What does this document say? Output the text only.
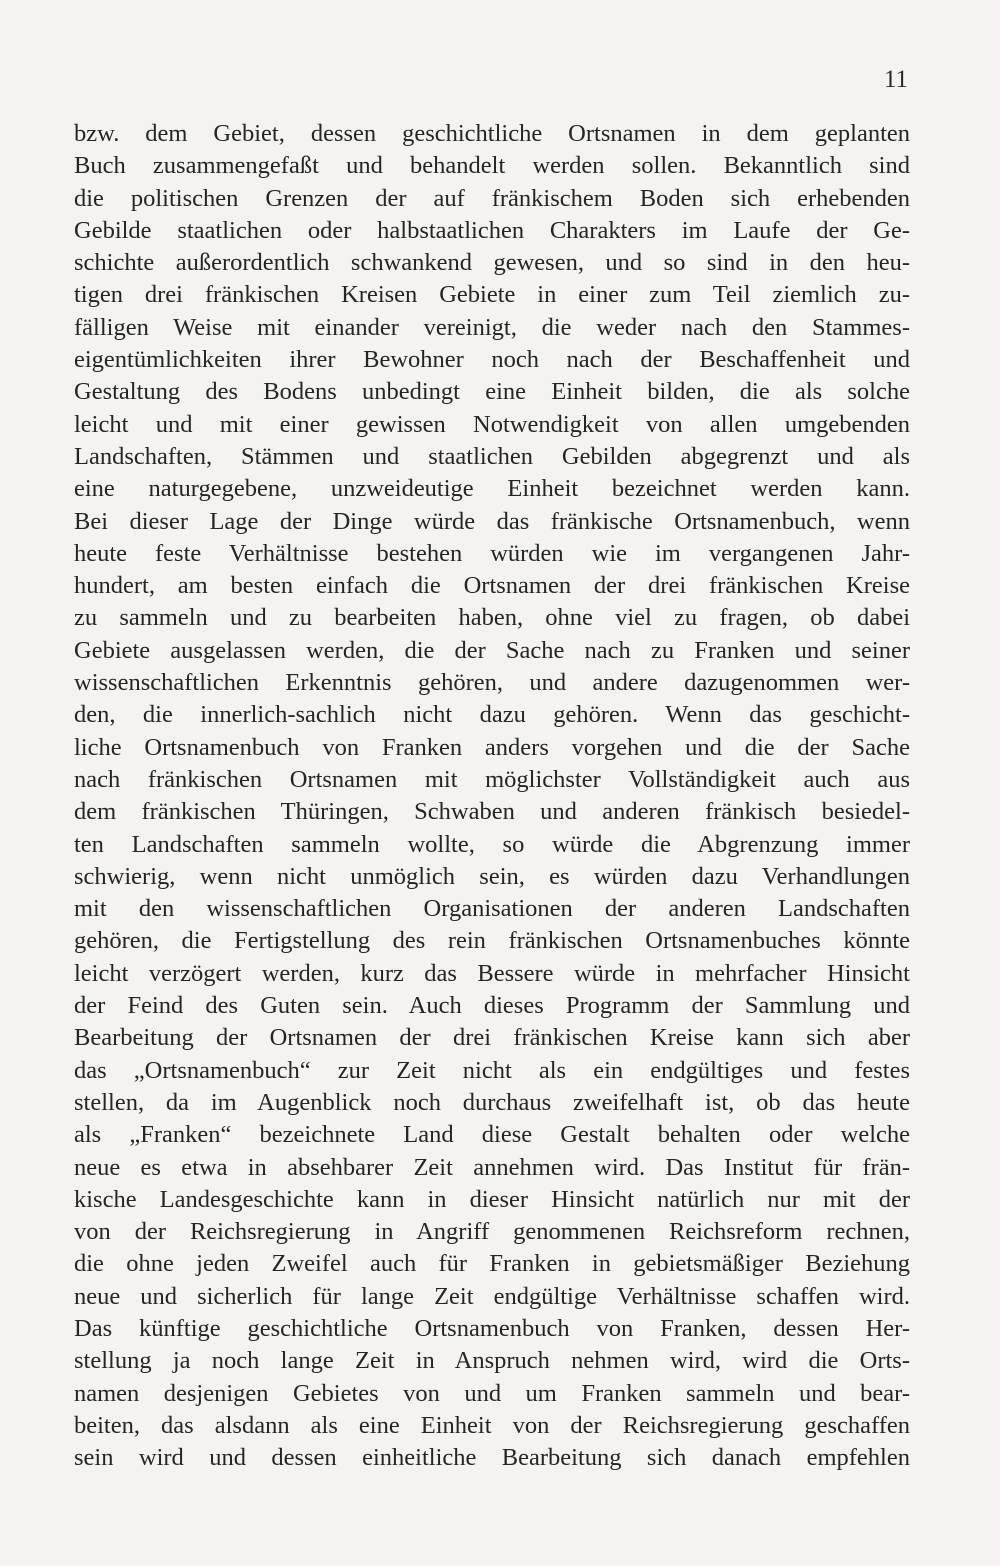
11
bzw. dem Gebiet, dessen geschichtliche Ortsnamen in dem geplanten
Buch zusammengefaßt und behandelt werden sollen. Bekanntlich sind
die politischen Grenzen der auf fränkischem Boden sich erhebenden
Gebilde staatlichen oder halbstaatlichen Charakters im Laufe der Ge-
schichte außerordentlich schwankend gewesen, und so sind in den heu-
tigen drei fränkischen Kreisen Gebiete in einer zum Teil ziemlich zu-
fälligen Weise mit einander vereinigt, die weder nach den Stammes-
eigentümlichkeiten ihrer Bewohner noch nach der Beschaffenheit und
Gestaltung des Bodens unbedingt eine Einheit bilden, die als solche
leicht und mit einer gewissen Notwendigkeit von allen umgebenden
Landschaften, Stämmen und staatlichen Gebilden abgegrenzt und als
eine naturgegebene, unzweideutige Einheit bezeichnet werden kann.
Bei dieser Lage der Dinge würde das fränkische Ortsnamenbuch, wenn
heute feste Verhältnisse bestehen würden wie im vergangenen Jahr-
hundert, am besten einfach die Ortsnamen der drei fränkischen Kreise
zu sammeln und zu bearbeiten haben, ohne viel zu fragen, ob dabei
Gebiete ausgelassen werden, die der Sache nach zu Franken und seiner
wissenschaftlichen Erkenntnis gehören, und andere dazugenommen wer-
den, die innerlich-sachlich nicht dazu gehören. Wenn das geschicht-
liche Ortsnamenbuch von Franken anders vorgehen und die der Sache
nach fränkischen Ortsnamen mit möglichster Vollständigkeit auch aus
dem fränkischen Thüringen, Schwaben und anderen fränkisch besiedel-
ten Landschaften sammeln wollte, so würde die Abgrenzung immer
schwierig, wenn nicht unmöglich sein, es würden dazu Verhandlungen
mit den wissenschaftlichen Organisationen der anderen Landschaften
gehören, die Fertigstellung des rein fränkischen Ortsnamenbuches könnte
leicht verzögert werden, kurz das Bessere würde in mehrfacher Hinsicht
der Feind des Guten sein. Auch dieses Programm der Sammlung und
Bearbeitung der Ortsnamen der drei fränkischen Kreise kann sich aber
das „Ortsnamenbuch“ zur Zeit nicht als ein endgültiges und festes
stellen, da im Augenblick noch durchaus zweifelhaft ist, ob das heute
als „Franken“ bezeichnete Land diese Gestalt behalten oder welche
neue es etwa in absehbarer Zeit annehmen wird. Das Institut für frän-
kische Landesgeschichte kann in dieser Hinsicht natürlich nur mit der
von der Reichsregierung in Angriff genommenen Reichsreform rechnen,
die ohne jeden Zweifel auch für Franken in gebietsmäßiger Beziehung
neue und sicherlich für lange Zeit endgültige Verhältnisse schaffen wird.
Das künftige geschichtliche Ortsnamenbuch von Franken, dessen Her-
stellung ja noch lange Zeit in Anspruch nehmen wird, wird die Orts-
namen desjenigen Gebietes von und um Franken sammeln und bear-
beiten, das alsdann als eine Einheit von der Reichsregierung geschaffen
sein wird und dessen einheitliche Bearbeitung sich danach empfehlen
